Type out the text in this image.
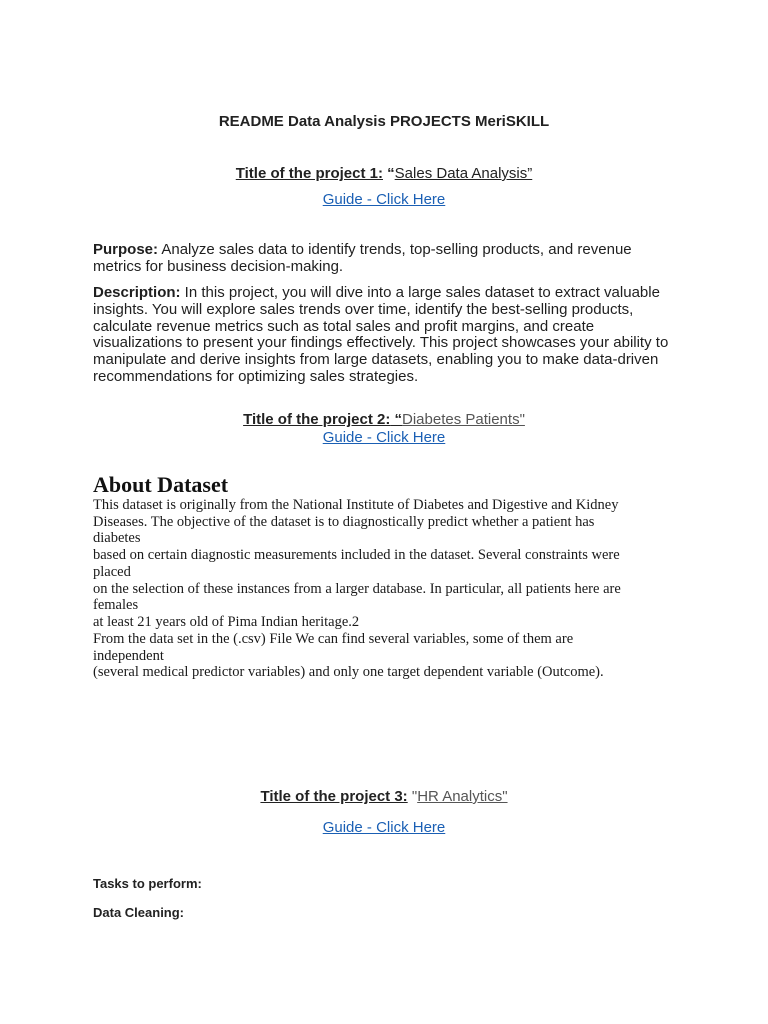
README Data Analysis PROJECTS MeriSKILL
Title of the project 1: “Sales Data Analysis”
Guide - Click Here
Purpose: Analyze sales data to identify trends, top-selling products, and revenue metrics for business decision-making.
Description: In this project, you will dive into a large sales dataset to extract valuable insights. You will explore sales trends over time, identify the best-selling products, calculate revenue metrics such as total sales and profit margins, and create visualizations to present your findings effectively. This project showcases your ability to manipulate and derive insights from large datasets, enabling you to make data-driven recommendations for optimizing sales strategies.
Title of the project 2: “Diabetes Patients"
Guide - Click Here
About Dataset
This dataset is originally from the National Institute of Diabetes and Digestive and Kidney
Diseases. The objective of the dataset is to diagnostically predict whether a patient has
diabetes
based on certain diagnostic measurements included in the dataset. Several constraints were
placed
on the selection of these instances from a larger database. In particular, all patients here are
females
at least 21 years old of Pima Indian heritage.2
From the data set in the (.csv) File We can find several variables, some of them are
independent
(several medical predictor variables) and only one target dependent variable (Outcome).
Title of the project 3: "HR Analytics"
Guide - Click Here
Tasks to perform:
Data Cleaning:
